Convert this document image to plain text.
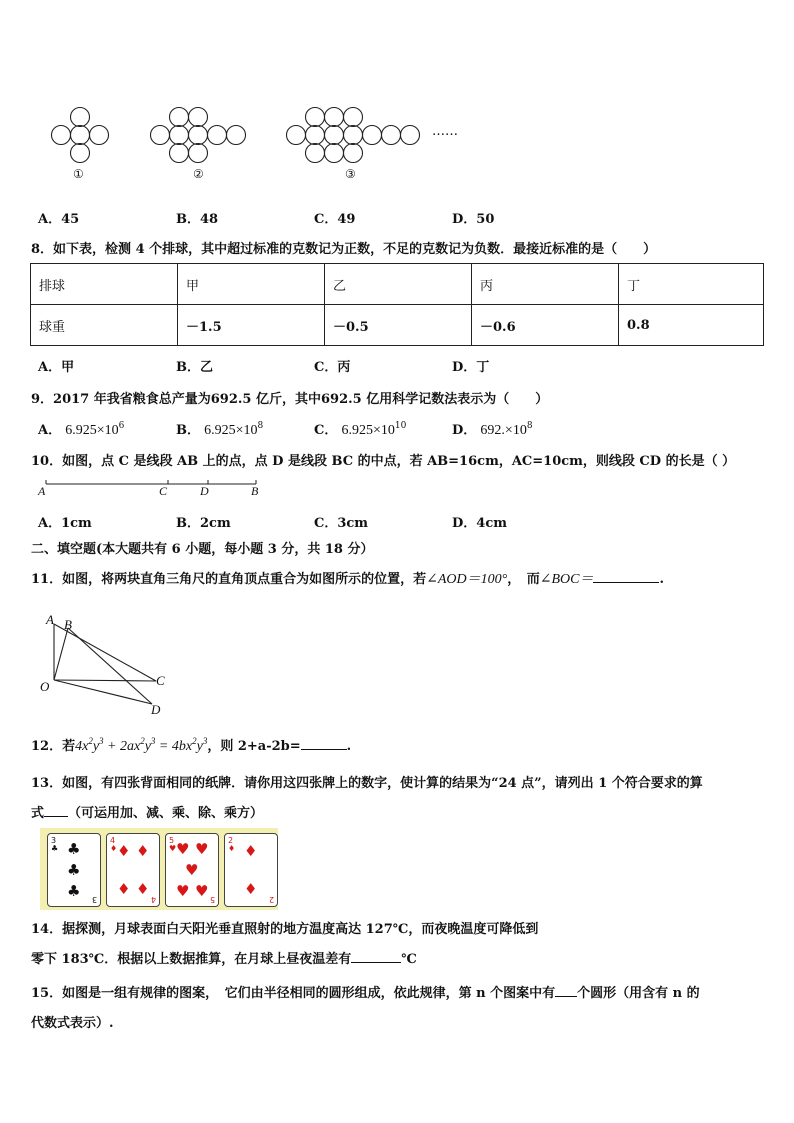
①	②	③
……
A．45	B．48	C．49	D．50
8．如下表，检测 4 个排球，其中超过标准的克数记为正数，不足的克数记为负数．最接近标准的是（　　）
排球	甲	乙	丙	丁
球重	－1.5	－0.5	－0.6	0.8
A．甲	B．乙	C．丙	D．丁
9．2017 年我省粮食总产量为692.5 亿斤，其中692.5 亿用科学记数法表示为（　　）
A． $6.925\times 10^6$	B． $6.925\times 10^8$	C． $6.925\times 10^{10}$	D． $692.\times 10^8$
10．如图，点 C 是线段 AB 上的点，点 D 是线段 BC 的中点，若 AB=16cm，AC=10cm，则线段 CD 的长是（ ）
A	C	D	B
A．1cm	B．2cm	C．3cm	D．4cm
二、填空题(本大题共有 6 小题，每小题 3 分，共 18 分）
11．如图，将两块直角三角尺的直角顶点重合为如图所示的位置，若∠AOD＝100°，　而∠BOC＝	.
A B
O	C
D
12．若$4x^2y^3 + 2ax^2y^3 = 4bx^2y^3$，则 2+a-2b=	.
13．如图，有四张背面相同的纸牌．请你用这四张牌上的数字，使计算的结果为“24 点”，请列出 1 个符合要求的算
式 （可运用加、减、乘、除、乘方）
3
♣ ♣
♣
♣ 3
4
♦ ♦ ♦
♦ ♦
4
5
♥ ♥ ♥
♥
♥ ♥ 5
2
♦ ♦
♦
2
14．据探测，月球表面白天阳光垂直照射的地方温度高达 127℃，而夜晚温度可降低到
零下 183℃．根据以上数据推算，在月球上昼夜温差有	℃
15．如图是一组有规律的图案，　它们由半径相同的圆形组成，依此规律，第 n 个图案中有 个圆形（用含有 n 的
代数式表示）.
